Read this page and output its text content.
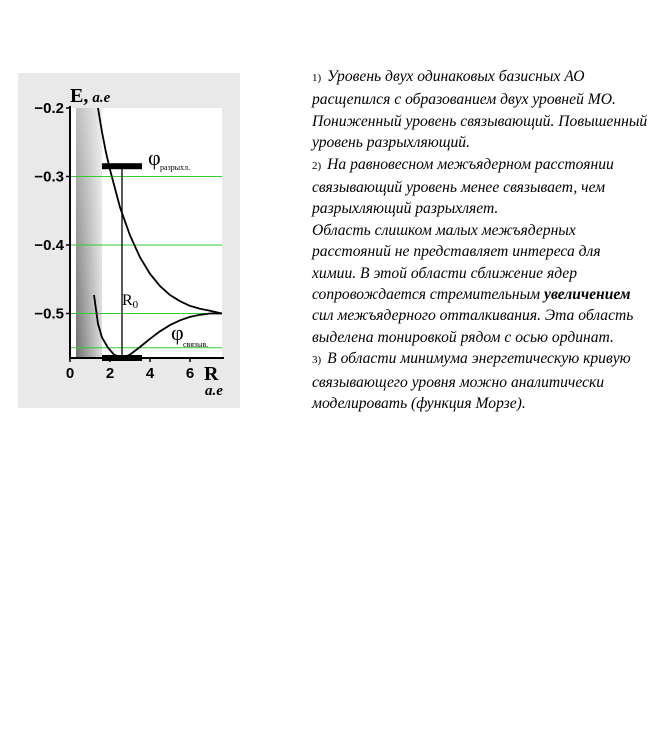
−0.2
−0.3
−0.4
−0.5
0 2 4 6
E, a.e
R
a.e
φ разрыхл.
φ связыв.
R0

1) Уровень двух одинаковых базисных АО расщепился с образованием двух уровней МО. Пониженный уровень связывающий. Повышенный уровень разрыхляющий.

2) На равновесном межъядерном расстоянии
связывающий уровень менее связывает, чем разрыхляющий разрыхляет.
Область слишком малых межъядерных расстояний не представляет интереса для химии. В этой области сближение ядер сопровождается стремительным увеличением сил межъядерного отталкивания. Эта область выделена тонировкой рядом с осью ординат.

3) В области минимума энергетическую кривую связывающего уровня можно аналитически моделировать (функция Морзе).
